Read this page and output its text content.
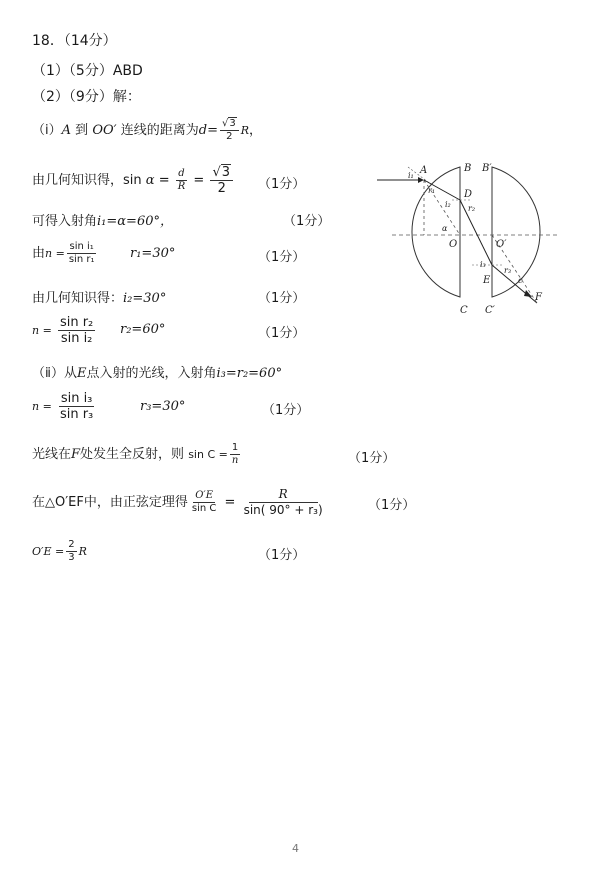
18．（14分）
（1）（5分）ABD
（2）（9分）解：
（ⅰ）A 到 OO′ 连线的距离为$d= \frac{√3}{2}$ R，
由几何知识得，$\sin \alpha = \frac{d}{R} = \frac{√3}{2} (1$分）
可得入射角i₁=α=60°，	（1分）
由$n = \frac{\text{sin i₁}}{\text{sin r₁}}$	r₁=30°	（1分）
由几何知识得：i₂=30°	（1分）
$n = \frac{\text{sin r₂}}{\text{sin i₂}} r_2=60^\circ$	（1分）
（ⅱ）从E点入射的光线，入射角i₃=r₂=60°
$n = \frac{\text{sin i₃}}{\text{sin r₃}}$	r₃=30°	（1分）
光线在F处发生全反射，则 $\sin C = \frac{1}{n}$	（1分）
在△O′EF中，由正弦定理得 $\frac{O'E}{\text{sin C}} = \frac{R}{\text{sin( 90° + r₃)}}$	（1分）
$O'E = \frac{2}{3}$ R	（1分）
A	B B′
C C′
D
O	O′
E
F
i₁
r₁
i₂ r₂
α
i₃
r₃
c
4
